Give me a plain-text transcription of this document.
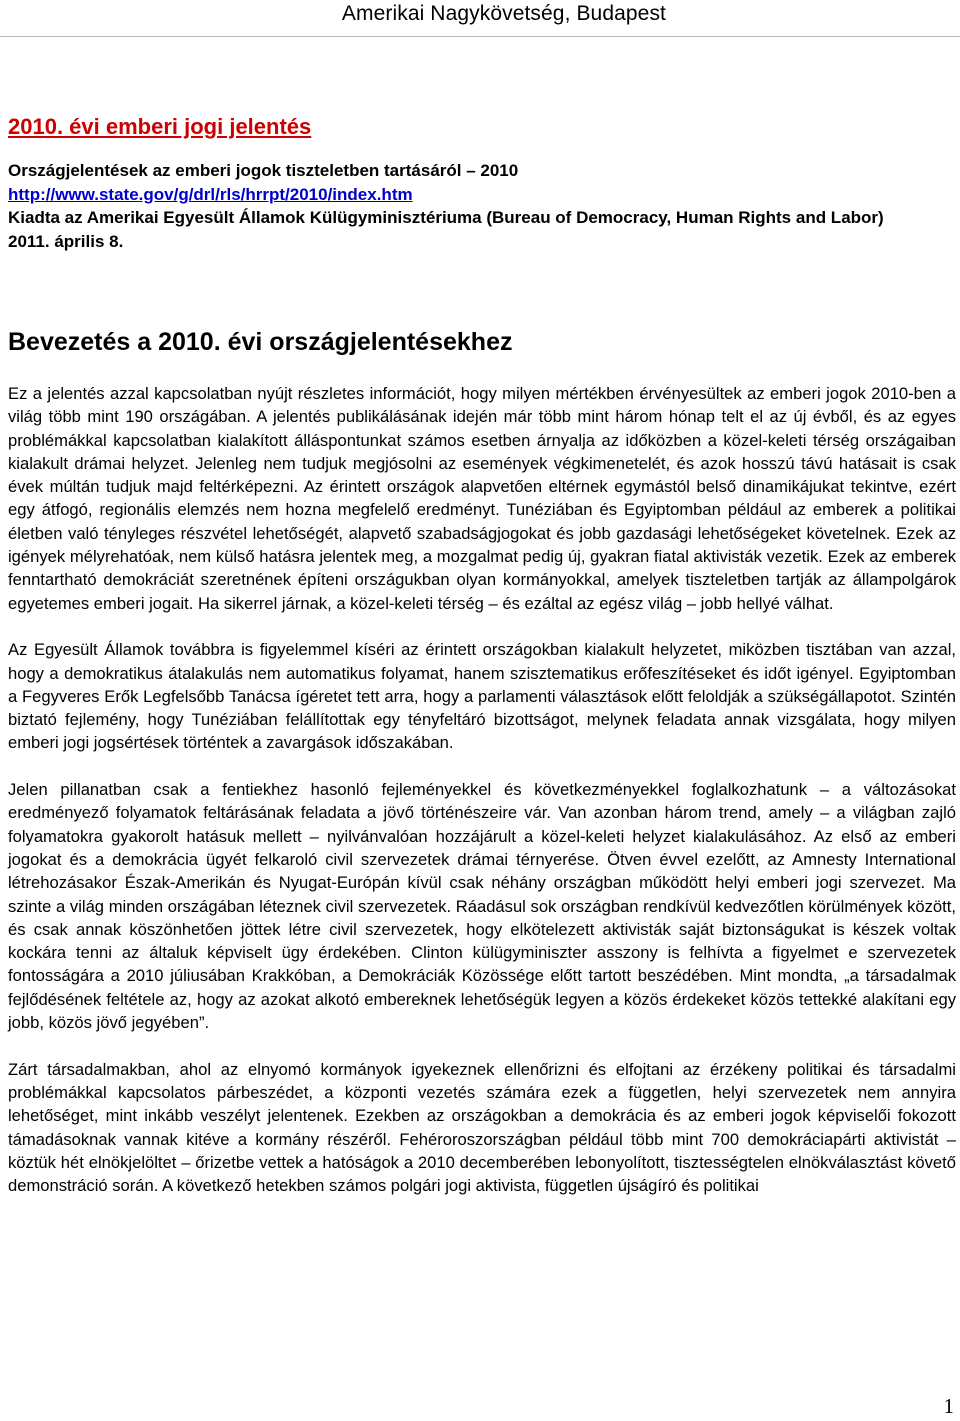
Amerikai Nagykövetség, Budapest
2010. évi emberi jogi jelentés
Országjelentések az emberi jogok tiszteletben tartásáról – 2010
http://www.state.gov/g/drl/rls/hrrpt/2010/index.htm
Kiadta az Amerikai Egyesült Államok Külügyminisztériuma (Bureau of Democracy, Human Rights and Labor)
2011. április 8.
Bevezetés a 2010. évi országjelentésekhez

Ez a jelentés azzal kapcsolatban nyújt részletes információt, hogy milyen mértékben érvényesültek az emberi jogok 2010-ben a világ több mint 190 országában. A jelentés publikálásának idején már több mint három hónap telt el az új évből, és az egyes problémákkal kapcsolatban kialakított álláspontunkat számos esetben árnyalja az időközben a közel-keleti térség országaiban kialakult drámai helyzet. Jelenleg nem tudjuk megjósolni az események végkimenetelét, és azok hosszú távú hatásait is csak évek múltán tudjuk majd feltérképezni. Az érintett országok alapvetően eltérnek egymástól belső dinamikájukat tekintve, ezért egy átfogó, regionális elemzés nem hozna megfelelő eredményt. Tunéziában és Egyiptomban például az emberek a politikai életben való tényleges részvétel lehetőségét, alapvető szabadságjogokat és jobb gazdasági lehetőségeket követelnek. Ezek az igények mélyrehatóak, nem külső hatásra jelentek meg, a mozgalmat pedig új, gyakran fiatal aktivisták vezetik. Ezek az emberek fenntartható demokráciát szeretnének építeni országukban olyan kormányokkal, amelyek tiszteletben tartják az állampolgárok egyetemes emberi jogait. Ha sikerrel járnak, a közel-keleti térség – és ezáltal az egész világ – jobb hellyé válhat.

Az Egyesült Államok továbbra is figyelemmel kíséri az érintett országokban kialakult helyzetet, miközben tisztában van azzal, hogy a demokratikus átalakulás nem automatikus folyamat, hanem szisztematikus erőfeszítéseket és időt igényel. Egyiptomban a Fegyveres Erők Legfelsőbb Tanácsa ígéretet tett arra, hogy a parlamenti választások előtt feloldják a szükségállapotot. Szintén biztató fejlemény, hogy Tunéziában felállítottak egy tényfeltáró bizottságot, melynek feladata annak vizsgálata, hogy milyen emberi jogi jogsértések történtek a zavargások időszakában.

Jelen pillanatban csak a fentiekhez hasonló fejleményekkel és következményekkel foglalkozhatunk – a változásokat eredményező folyamatok feltárásának feladata a jövő történészeire vár. Van azonban három trend, amely – a világban zajló folyamatokra gyakorolt hatásuk mellett – nyilvánvalóan hozzájárult a közel-keleti helyzet kialakulásához. Az első az emberi jogokat és a demokrácia ügyét felkaroló civil szervezetek drámai térnyerése. Ötven évvel ezelőtt, az Amnesty International létrehozásakor Észak-Amerikán és Nyugat-Európán kívül csak néhány országban működött helyi emberi jogi szervezet. Ma szinte a világ minden országában léteznek civil szervezetek. Ráadásul sok országban rendkívül kedvezőtlen körülmények között, és csak annak köszönhetően jöttek létre civil szervezetek, hogy elkötelezett aktivisták saját biztonságukat is készek voltak kockára tenni az általuk képviselt ügy érdekében. Clinton külügyminiszter asszony is felhívta a figyelmet e szervezetek fontosságára a 2010 júliusában Krakkóban, a Demokráciák Közössége előtt tartott beszédében. Mint mondta, „a társadalmak fejlődésének feltétele az, hogy az azokat alkotó embereknek lehetőségük legyen a közös érdekeket közös tettekké alakítani egy jobb, közös jövő jegyében”.

Zárt társadalmakban, ahol az elnyomó kormányok igyekeznek ellenőrizni és elfojtani az érzékeny politikai és társadalmi problémákkal kapcsolatos párbeszédet, a központi vezetés számára ezek a független, helyi szervezetek nem annyira lehetőséget, mint inkább veszélyt jelentenek. Ezekben az országokban a demokrácia és az emberi jogok képviselői fokozott támadásoknak vannak kitéve a kormány részéről. Fehéroroszországban például több mint 700 demokráciapárti aktivistát – köztük hét elnökjelöltet – őrizetbe vettek a hatóságok a 2010 decemberében lebonyolított, tisztességtelen elnökválasztást követő demonstráció során. A következő hetekben számos polgári jogi aktivista, független újságíró és politikai

1
